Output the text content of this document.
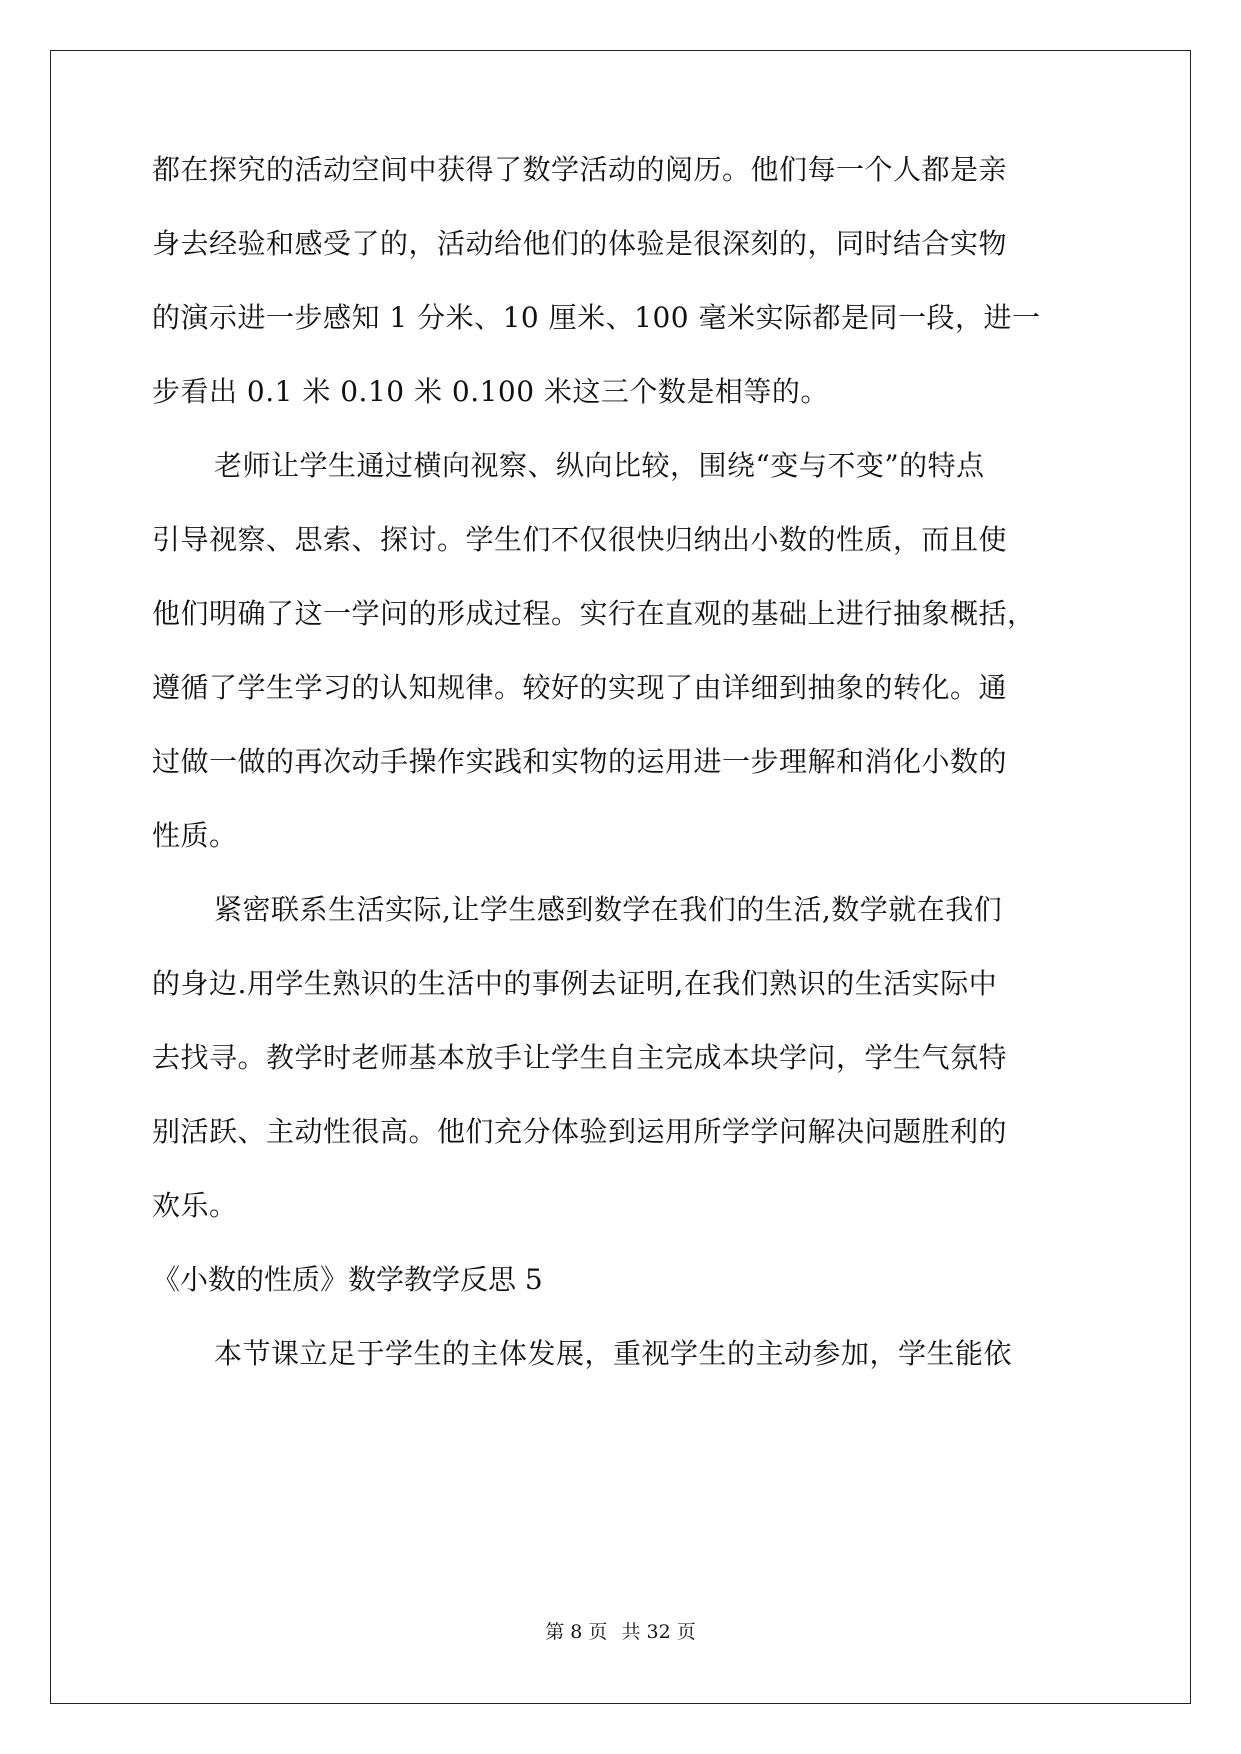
都在探究的活动空间中获得了数学活动的阅历。他们每一个人都是亲
身去经验和感受了的，活动给他们的体验是很深刻的，同时结合实物
的演示进一步感知 1 分米、10 厘米、100 毫米实际都是同一段，进一
步看出 0.1 米 0.10 米 0.100 米这三个数是相等的。
老师让学生通过横向视察、纵向比较，围绕“变与不变”的特点
引导视察、思索、探讨。学生们不仅很快归纳出小数的性质，而且使
他们明确了这一学问的形成过程。实行在直观的基础上进行抽象概括，
遵循了学生学习的认知规律。较好的实现了由详细到抽象的转化。通
过做一做的再次动手操作实践和实物的运用进一步理解和消化小数的
性质。
紧密联系生活实际,让学生感到数学在我们的生活,数学就在我们
的身边.用学生熟识的生活中的事例去证明,在我们熟识的生活实际中
去找寻。教学时老师基本放手让学生自主完成本块学问，学生气氛特
别活跃、主动性很高。他们充分体验到运用所学学问解决问题胜利的
欢乐。
《小数的性质》数学教学反思 5
本节课立足于学生的主体发展，重视学生的主动参加，学生能依
第 8 页 共 32 页
